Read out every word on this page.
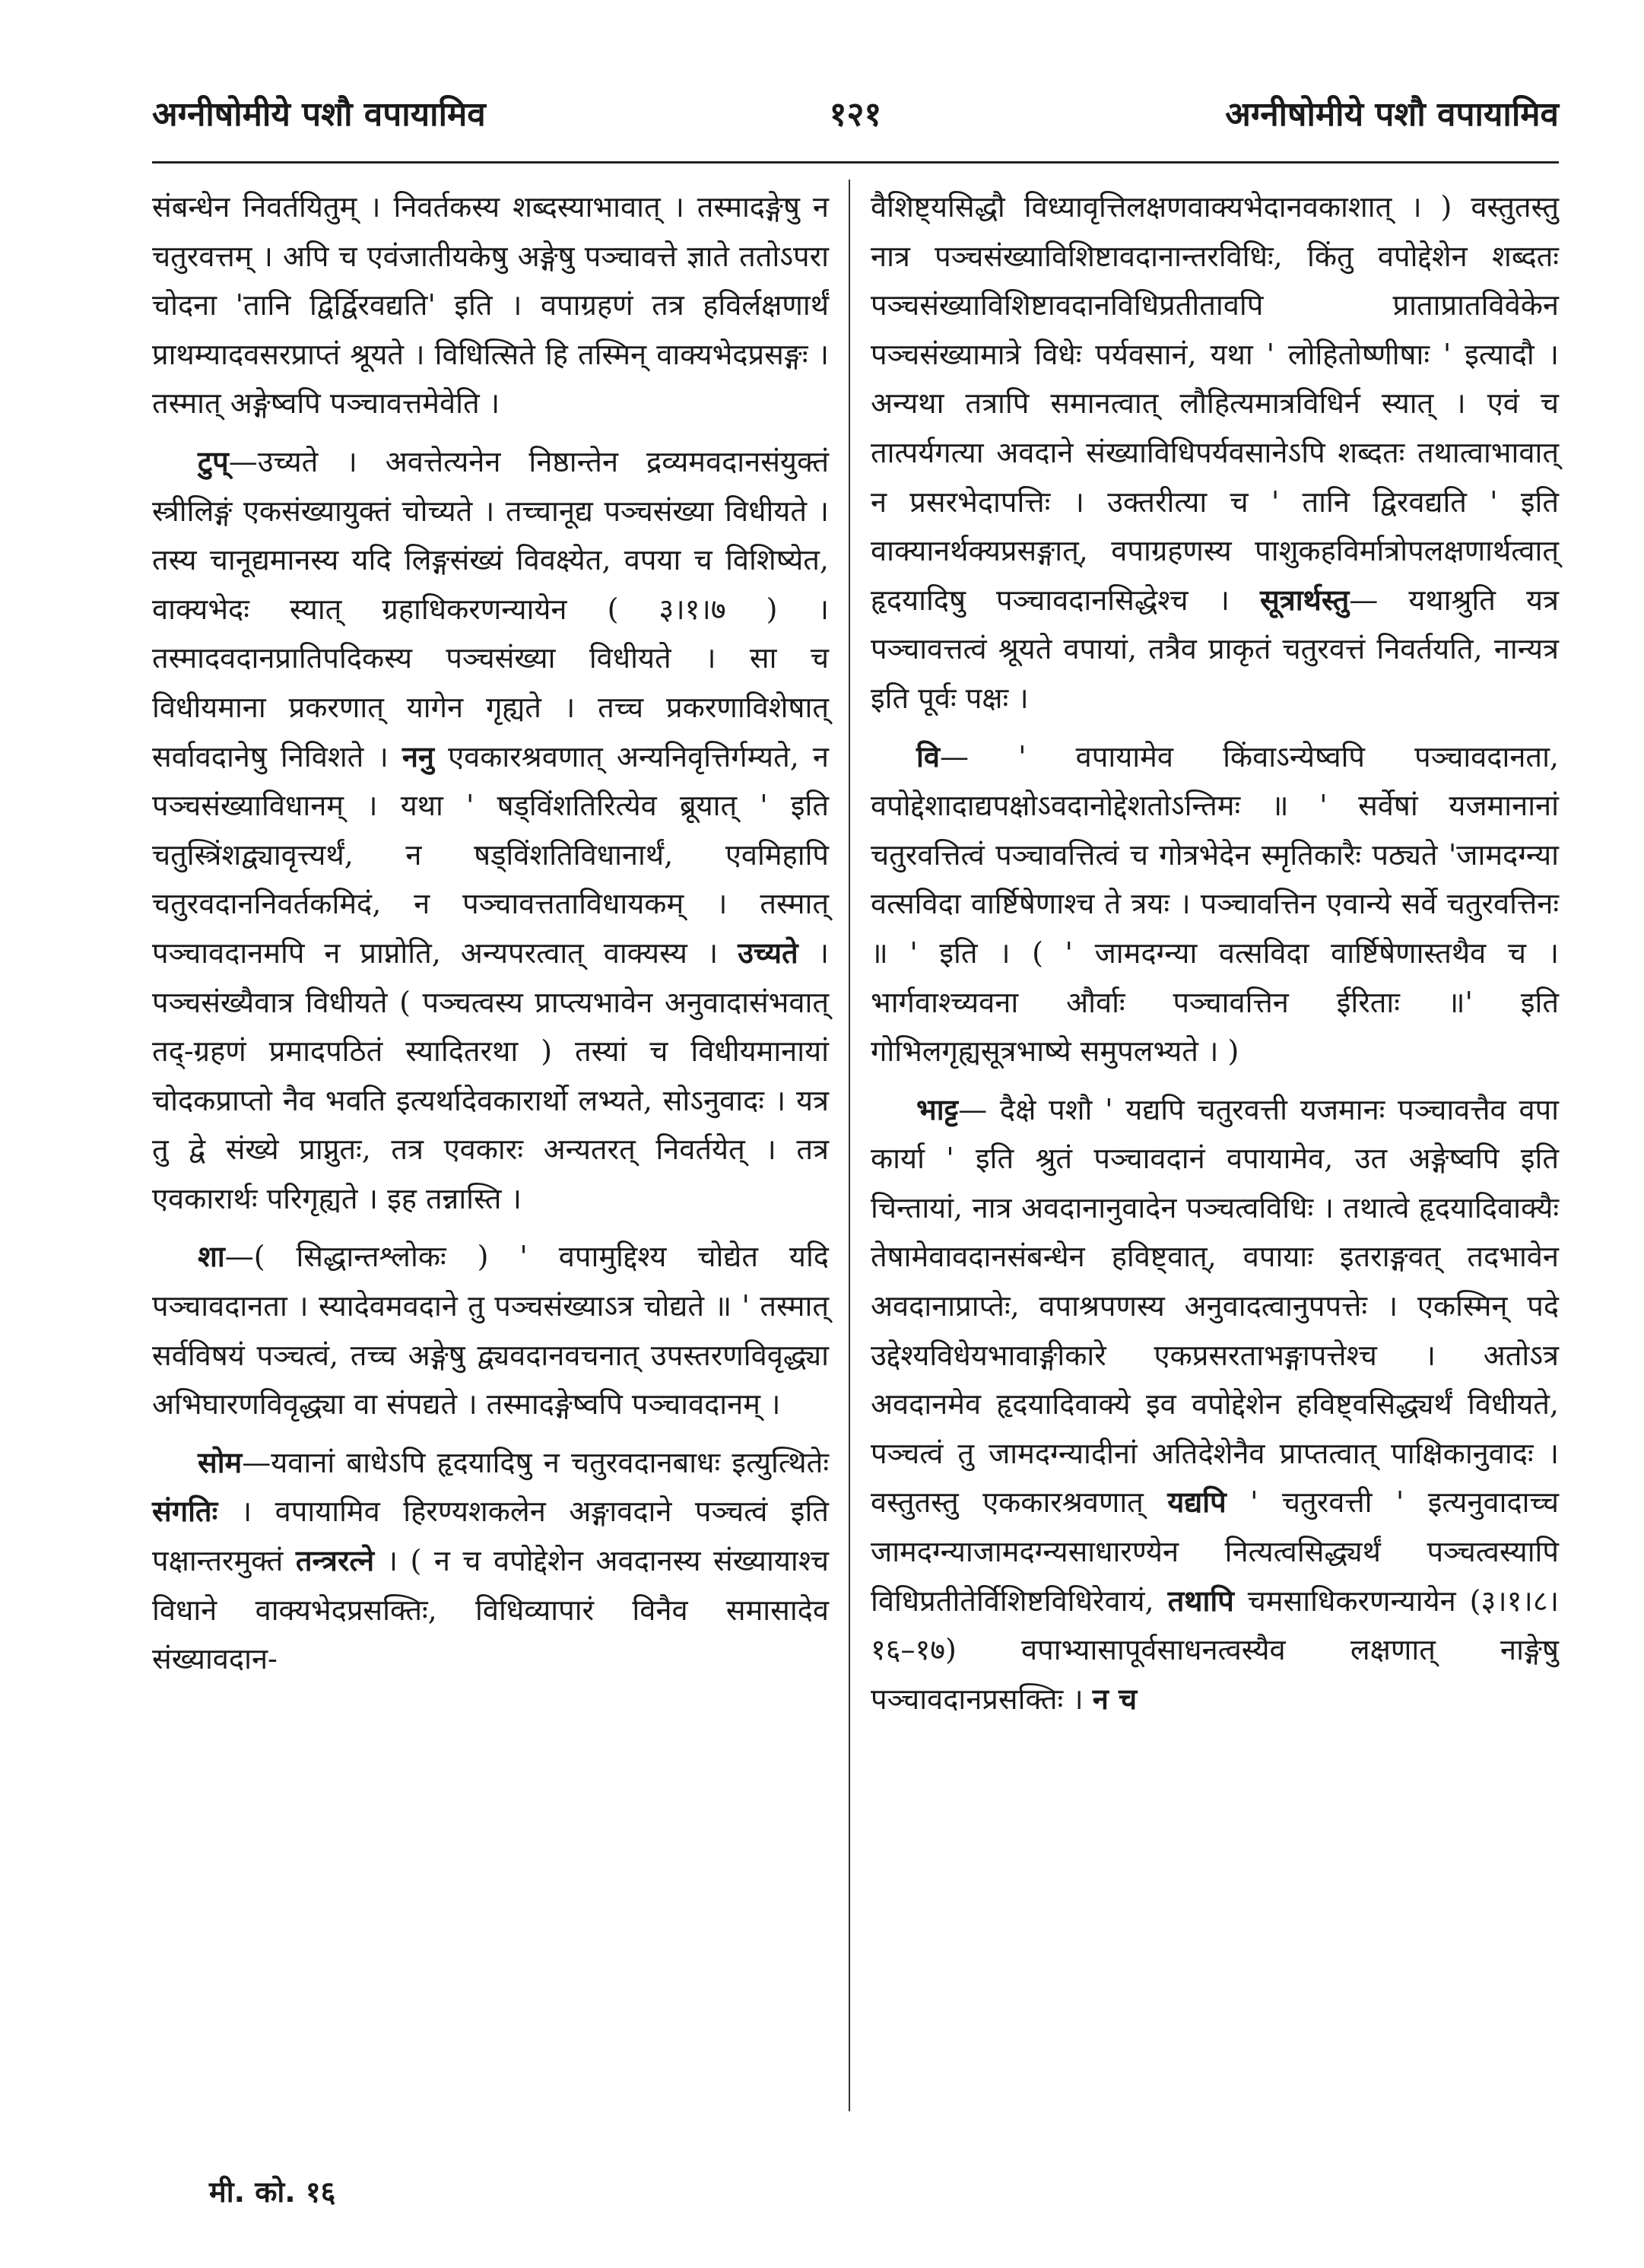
अग्नीषोमीये पशौ वपायामिव	१२१	अग्नीषोमीये पशौ वपायामिव

संबन्धेन निवर्तयितुम् । निवर्तकस्य शब्दस्याभावात् । तस्मादङ्गेषु न चतुरवत्तम् । अपि च एवंजातीयकेषु अङ्गेषु पञ्चावत्ते ज्ञाते ततोऽपरा चोदना 'तानि द्विर्द्विरवद्यति' इति । वपाग्रहणं तत्र हविर्लक्षणार्थं प्राथम्यादवसरप्राप्तं श्रूयते । विधित्सिते हि तस्मिन् वाक्यभेदप्रसङ्गः । तस्मात् अङ्गेष्वपि पञ्चावत्तमेवेति ।

टुप्—उच्यते । अवत्तेत्यनेन निष्ठान्तेन द्रव्यमवदानसंयुक्तं स्त्रीलिङ्गं एकसंख्यायुक्तं चोच्यते । तच्चानूद्य पञ्चसंख्या विधीयते । तस्य चानूद्यमानस्य यदि लिङ्गसंख्यं विवक्ष्येत, वपया च विशिष्येत, वाक्यभेदः स्यात् ग्रहाधिकरणन्यायेन ( ३।१।७ ) । तस्मादवदानप्रातिपदिकस्य पञ्चसंख्या विधीयते । सा च विधीयमाना प्रकरणात् यागेन गृह्यते । तच्च प्रकरणाविशेषात् सर्वावदानेषु निविशते । ननु एवकारश्रवणात् अन्यनिवृत्तिर्गम्यते, न पञ्चसंख्याविधानम् । यथा ' षड्विंशतिरित्येव ब्रूयात् ' इति चतुस्त्रिंशद्व्यावृत्त्यर्थं, न षड्विंशतिविधानार्थं, एवमिहापि चतुरवदाननिवर्तकमिदं, न पञ्चावत्तताविधायकम् । तस्मात् पञ्चावदानमपि न प्राप्नोति, अन्यपरत्वात् वाक्यस्य । उच्यते । पञ्चसंख्यैवात्र विधीयते ( पञ्चत्वस्य प्राप्त्यभावेन अनुवादासंभवात् तद्-ग्रहणं प्रमादपठितं स्यादितरथा ) तस्यां च विधीयमानायां चोदकप्राप्तो नैव भवति इत्यर्थादेवकारार्थो लभ्यते, सोऽनुवादः । यत्र तु द्वे संख्ये प्राप्नुतः, तत्र एवकारः अन्यतरत् निवर्तयेत् । तत्र एवकारार्थः परिगृह्यते । इह तन्नास्ति ।

शा—( सिद्धान्तश्लोकः ) ' वपामुद्दिश्य चोद्येत यदि पञ्चावदानता । स्यादेवमवदाने तु पञ्चसंख्याऽत्र चोद्यते ॥ ' तस्मात् सर्वविषयं पञ्चत्वं, तच्च अङ्गेषु द्व्यवदानवचनात् उपस्तरणविवृद्ध्या अभिघारणविवृद्ध्या वा संपद्यते । तस्मादङ्गेष्वपि पञ्चावदानम् ।

सोम—यवानां बाधेऽपि हृदयादिषु न चतुरवदानबाधः इत्युत्थितेः संगतिः । वपायामिव हिरण्यशकलेन अङ्गावदाने पञ्चत्वं इति पक्षान्तरमुक्तं तन्त्ररत्ने । ( न च वपोद्देशेन अवदानस्य संख्यायाश्च विधाने वाक्यभेदप्रसक्तिः, विधिव्यापारं विनैव समासादेव संख्यावदान-

वैशिष्ट्यसिद्धौ विध्यावृत्तिलक्षणवाक्यभेदानवकाशात् । ) वस्तुतस्तु नात्र पञ्चसंख्याविशिष्टावदानान्तरविधिः, किंतु वपोद्देशेन शब्दतः पञ्चसंख्याविशिष्टावदानविधिप्रतीतावपि प्राताप्रातविवेकेन पञ्चसंख्यामात्रे विधेः पर्यवसानं, यथा ' लोहितोष्णीषाः ' इत्यादौ । अन्यथा तत्रापि समानत्वात् लौहित्यमात्रविधिर्न स्यात् । एवं च तात्पर्यगत्या अवदाने संख्याविधिपर्यवसानेऽपि शब्दतः तथात्वाभावात् न प्रसरभेदापत्तिः । उक्तरीत्या च ' तानि द्विरवद्यति ' इति वाक्यानर्थक्यप्रसङ्गात्, वपाग्रहणस्य पाशुकहविर्मात्रोपलक्षणार्थत्वात् हृदयादिषु पञ्चावदानसिद्धेश्च । सूत्रार्थस्तु— यथाश्रुति यत्र पञ्चावत्तत्वं श्रूयते वपायां, तत्रैव प्राकृतं चतुरवत्तं निवर्तयति, नान्यत्र इति पूर्वः पक्षः ।

वि— ' वपायामेव किंवाऽन्येष्वपि पञ्चावदानता, वपोद्देशादाद्यपक्षोऽवदानोद्देशतोऽन्तिमः ॥ ' सर्वेषां यजमानानां चतुरवत्तित्वं पञ्चावत्तित्वं च गोत्रभेदेन स्मृतिकारैः पठ्यते 'जामदग्न्या वत्सविदा वार्ष्टिषेणाश्च ते त्रयः । पञ्चावत्तिन एवान्ये सर्वे चतुरवत्तिनः ॥ ' इति । ( ' जामदग्न्या वत्सविदा वार्ष्टिषेणास्तथैव च । भार्गवाश्च्यवना और्वाः पञ्चावत्तिन ईरिताः ॥' इति गोभिलगृह्यसूत्रभाष्ये समुपलभ्यते । )

भाट्ट— दैक्षे पशौ ' यद्यपि चतुरवत्ती यजमानः पञ्चावत्तैव वपा कार्या ' इति श्रुतं पञ्चावदानं वपायामेव, उत अङ्गेष्वपि इति चिन्तायां, नात्र अवदानानुवादेन पञ्चत्वविधिः । तथात्वे हृदयादिवाक्यैः तेषामेवावदानसंबन्धेन हविष्ट्वात्, वपायाः इतराङ्गवत् तदभावेन अवदानाप्राप्तेः, वपाश्रपणस्य अनुवादत्वानुपपत्तेः । एकस्मिन् पदे उद्देश्यविधेयभावाङ्गीकारे एकप्रसरताभङ्गापत्तेश्च । अतोऽत्र अवदानमेव हृदयादिवाक्ये इव वपोद्देशेन हविष्ट्वसिद्ध्यर्थं विधीयते, पञ्चत्वं तु जामदग्न्यादीनां अतिदेशेनैव प्राप्तत्वात् पाक्षिकानुवादः । वस्तुतस्तु एककारश्रवणात् यद्यपि ' चतुरवत्ती ' इत्यनुवादाच्च जामदग्न्याजामदग्न्यसाधारण्येन नित्यत्वसिद्ध्यर्थं पञ्चत्वस्यापि विधिप्रतीतेर्विशिष्टविधिरेवायं, तथापि चमसाधिकरणन्यायेन (३।१।८।१६–१७) वपाभ्यासापूर्वसाधनत्वस्यैव लक्षणात् नाङ्गेषु पञ्चावदानप्रसक्तिः । न च

मी. को. १६
